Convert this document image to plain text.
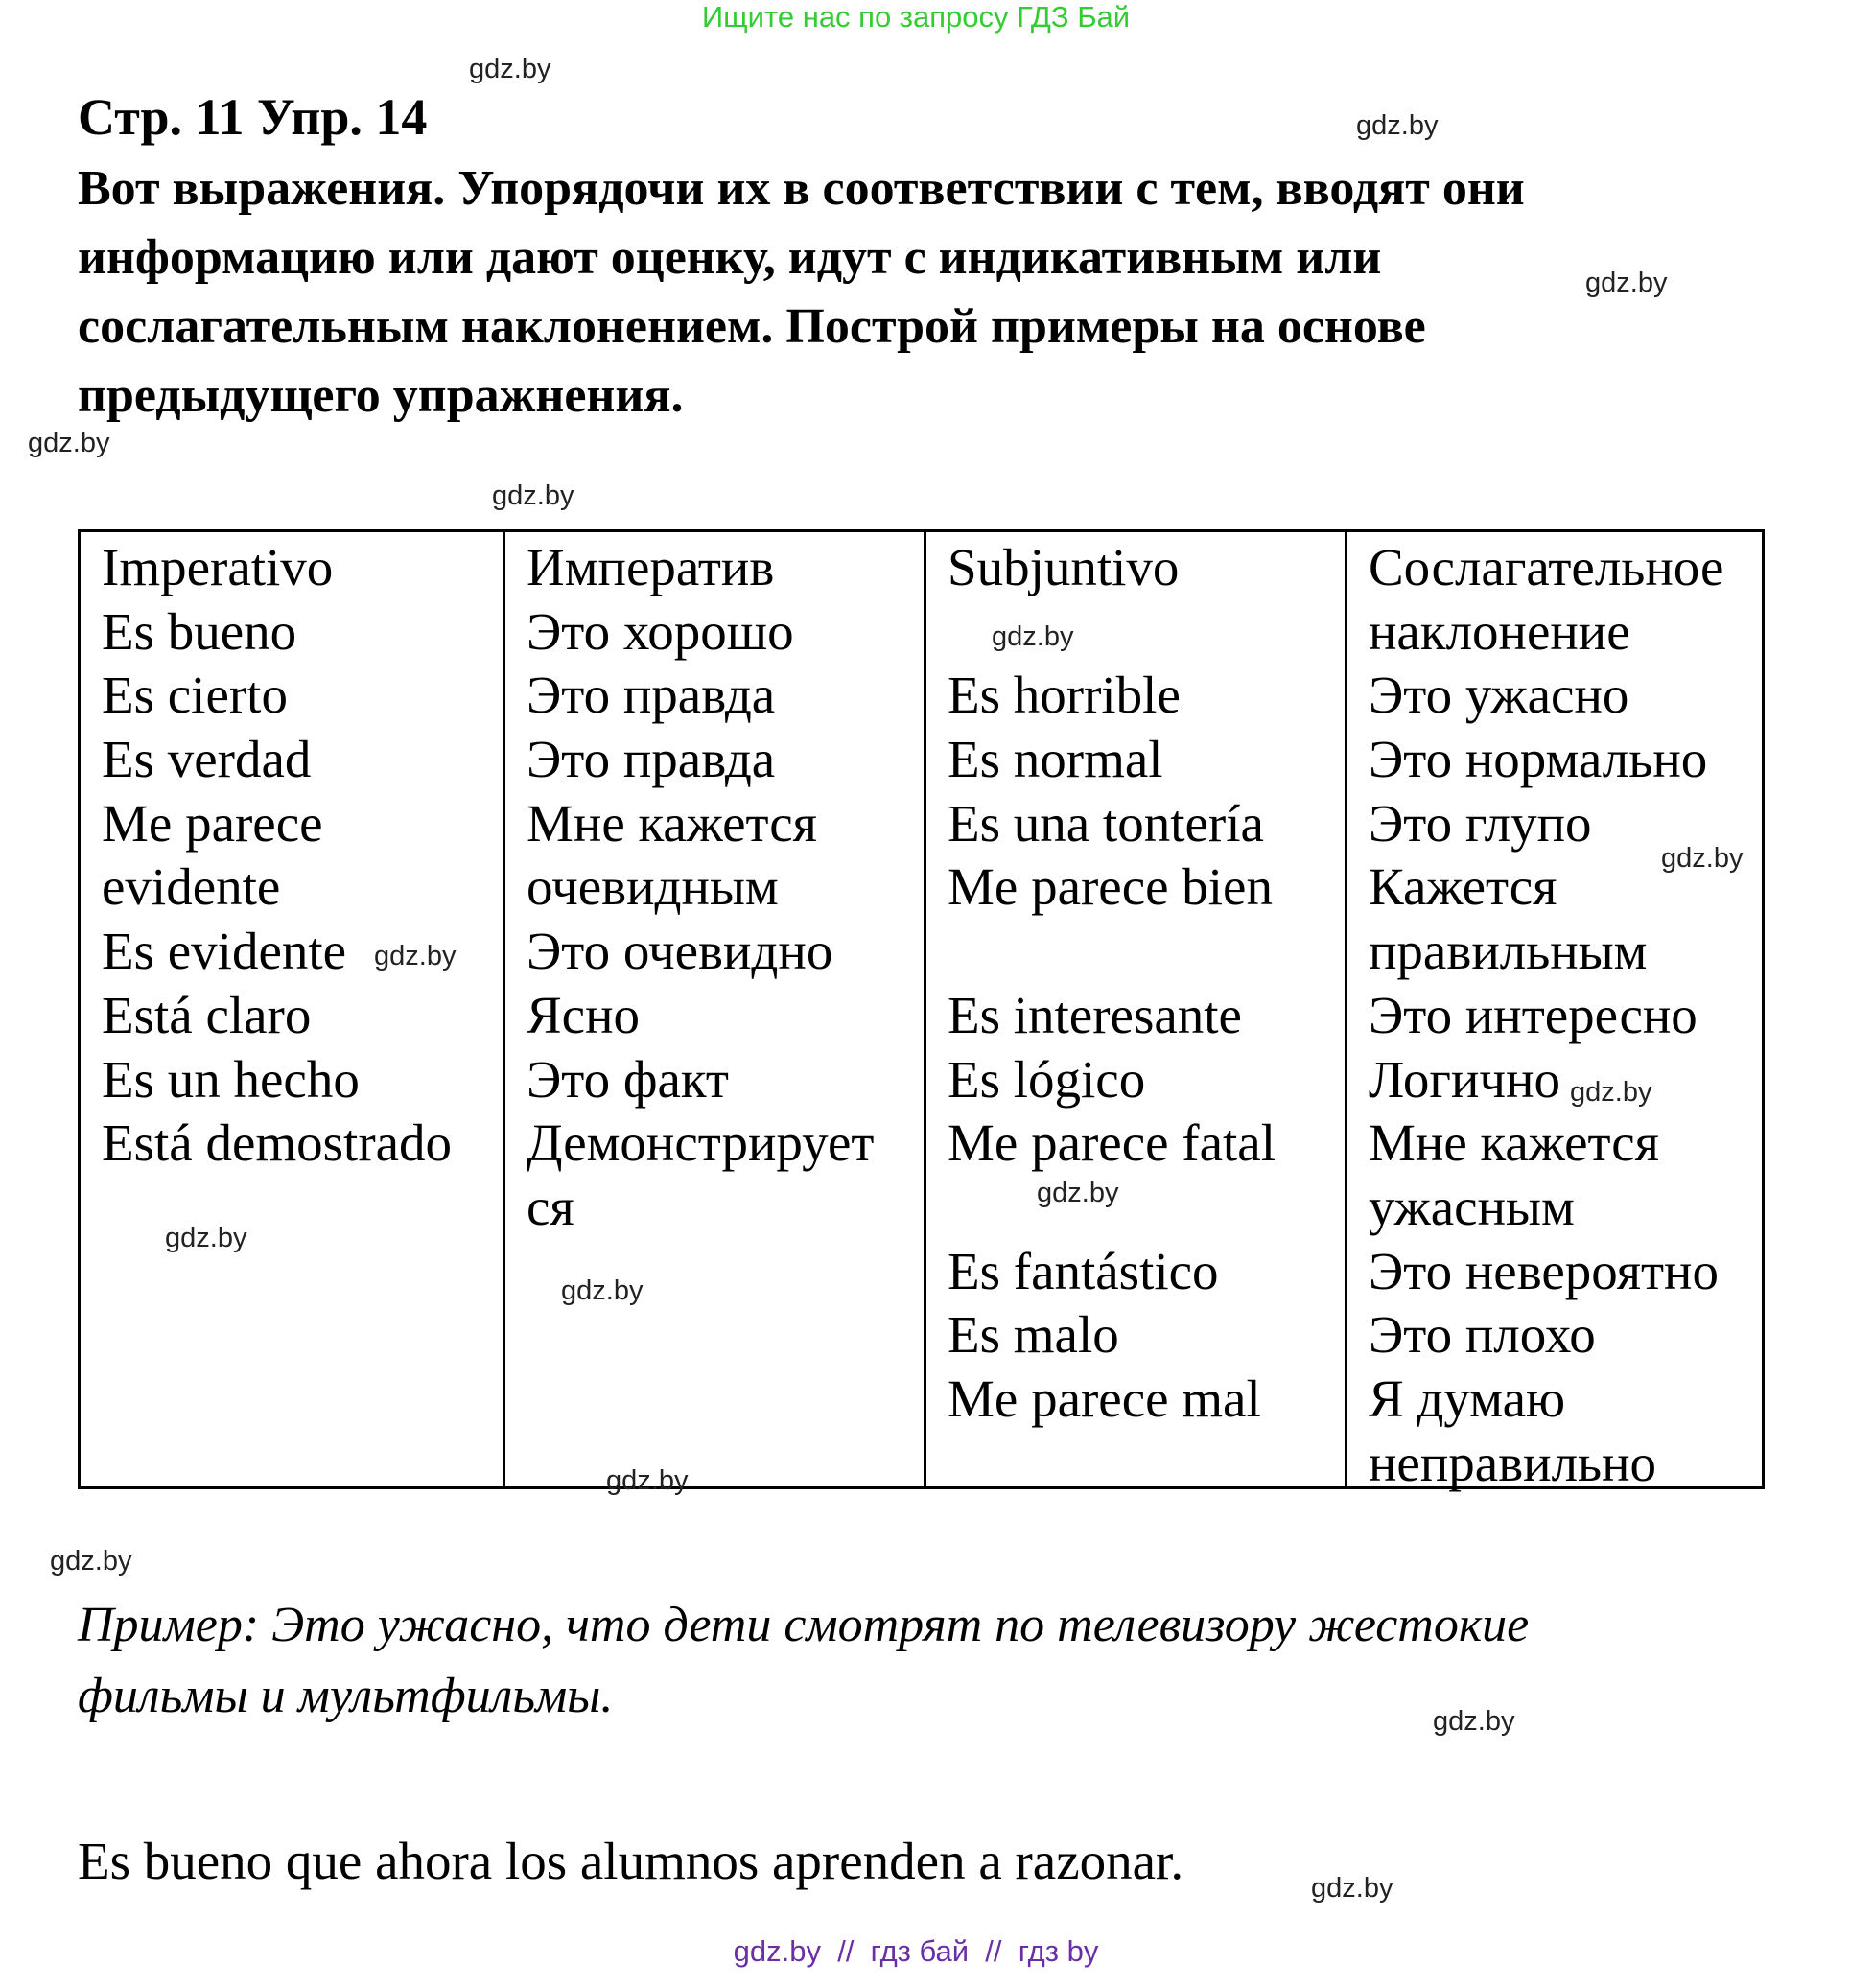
Ищите нас по запросу ГДЗ Бай
Стр. 11 Упр. 14
Вот выражения. Упорядочи их в соответствии с тем, вводят они
информацию или дают оценку, идут с индикативным или
сослагательным наклонением. Построй примеры на основе
предыдущего упражнения.
Imperativo
Es bueno
Es cierto
Es verdad
Me parece
evidente
Es evidente
Está claro
Es un hecho
Está demostrado
Императив
Это хорошо
Это правда
Это правда
Мне кажется
очевидным
Это очевидно
Ясно
Это факт
Демонстрирует
ся
Subjuntivo
Es horrible
Es normal
Es una tontería
Me parece bien
Es interesante
Es lógico
Me parece fatal
Es fantástico
Es malo
Me parece mal
Сослагательное
наклонение
Это ужасно
Это нормально
Это глупо
Кажется
правильным
Это интересно
Логично
Мне кажется
ужасным
Это невероятно
Это плохо
Я думаю
неправильно
Пример: Это ужасно, что дети смотрят по телевизору жестокие
фильмы и мультфильмы.
Es bueno que ahora los alumnos aprenden a razonar.
gdz.by  //  гдз бай  //  гдз by
gdz.by
gdz.by
gdz.by
gdz.by
gdz.by
gdz.by
gdz.by
gdz.by
gdz.by
gdz.by
gdz.by
gdz.by
gdz.by
gdz.by
gdz.by
gdz.by
